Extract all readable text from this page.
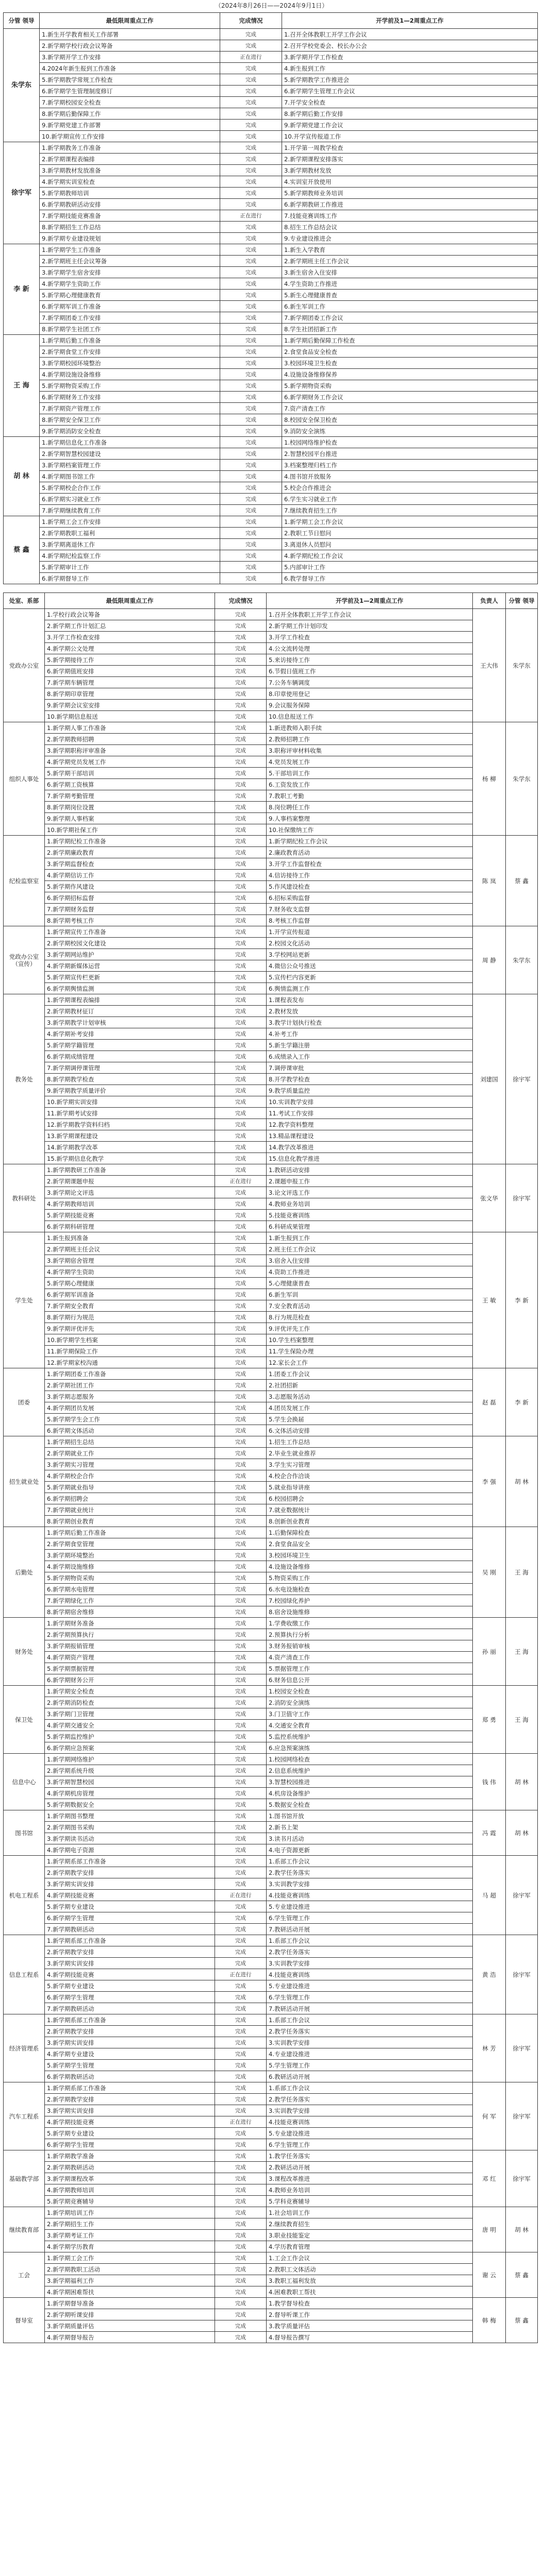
（2024年8月26日——2024年9月1日）
分管 领导	最低限周重点工作	完成情况	开学前及1—2周重点工作
朱学东	1.新生开学教育相关工作部署	完成	1.召开全体教职工开学工作会议
	2.新学期学校行政会议筹备	完成	2.召开学校党委会、校长办公会
	3.新学期开学工作安排	正在进行	3.新学期开学工作检查
	4.2024年新生报到工作准备	完成	4.新生报到工作
	5.新学期教学常规工作检查	完成	5.新学期教学工作推进会
	6.新学期学生管理制度修订	完成	6.新学期学生管理工作会议
	7.新学期校园安全检查	完成	7.开学安全检查
	8.新学期后勤保障工作	完成	8.新学期后勤工作安排
	9.新学期党建工作部署	完成	9.新学期党建工作会议
	10.新学期宣传工作安排	完成	10.开学宣传报道工作
徐宇军	1.新学期教务工作准备	完成	1.开学第一周教学检查
	2.新学期课程表编排	完成	2.新学期课程安排落实
	3.新学期教材发放准备	完成	3.新学期教材发放
	4.新学期实训室检查	完成	4.实训室开放使用
	5.新学期教师培训	完成	5.新学期教师业务培训
	6.新学期教研活动安排	完成	6.新学期教研工作推进
	7.新学期技能竞赛准备	正在进行	7.技能竞赛训练工作
	8.新学期招生工作总结	完成	8.招生工作总结会议
	9.新学期专业建设规划	完成	9.专业建设推进会
李 新	1.新学期学生工作准备	完成	1.新生入学教育
	2.新学期班主任会议筹备	完成	2.新学期班主任工作会议
	3.新学期学生宿舍安排	完成	3.新生宿舍入住安排
	4.新学期学生资助工作	完成	4.学生资助工作推进
	5.新学期心理健康教育	完成	5.新生心理健康普查
	6.新学期军训工作准备	完成	6.新生军训工作
	7.新学期团委工作安排	完成	7.新学期团委工作会议
	8.新学期学生社团工作	完成	8.学生社团招新工作
王 海	1.新学期后勤工作准备	完成	1.新学期后勤保障工作检查
	2.新学期食堂工作安排	完成	2.食堂食品安全检查
	3.新学期校园环境整治	完成	3.校园环境卫生检查
	4.新学期设施设备维修	完成	4.设施设备维修保养
	5.新学期物资采购工作	完成	5.新学期物资采购
	6.新学期财务工作安排	完成	6.新学期财务工作会议
	7.新学期资产管理工作	完成	7.资产清查工作
	8.新学期安全保卫工作	完成	8.校园安全保卫检查
	9.新学期消防安全检查	完成	9.消防安全演练
胡 林	1.新学期信息化工作准备	完成	1.校园网络维护检查
	2.新学期智慧校园建设	完成	2.智慧校园平台推进
	3.新学期档案管理工作	完成	3.档案整理归档工作
	4.新学期图书馆工作	完成	4.图书馆开放服务
	5.新学期校企合作工作	完成	5.校企合作推进会
	6.新学期实习就业工作	完成	6.学生实习就业工作
	7.新学期继续教育工作	完成	7.继续教育招生工作
蔡 鑫	1.新学期工会工作安排	完成	1.新学期工会工作会议
	2.新学期教职工福利	完成	2.教职工节日慰问
	3.新学期离退休工作	完成	3.离退休人员慰问
	4.新学期纪检监察工作	完成	4.新学期纪检工作会议
	5.新学期审计工作	完成	5.内部审计工作
	6.新学期督导工作	完成	6.教学督导工作
处室、系部	最低限周重点工作	完成情况	开学前及1—2周重点工作	负责人	分管 领导
党政办公室	1.学校行政会议筹备	完成	1.召开全体教职工开学工作会议	王大伟	朱学东
	2.新学期工作计划汇总	完成	2.新学期工作计划印发		
	3.开学工作检查安排	完成	3.开学工作检查		
	4.新学期公文处理	完成	4.公文流转处理		
	5.新学期接待工作	完成	5.来访接待工作		
	6.新学期值班安排	完成	6.节假日值班工作		
	7.新学期车辆管理	完成	7.公务车辆调度		
	8.新学期印章管理	完成	8.印章使用登记		
	9.新学期会议室安排	完成	9.会议服务保障		
	10.新学期信息报送	完成	10.信息报送工作		
组织人事处	1.新学期人事工作准备	完成	1.新进教师入职手续	杨 柳	朱学东
	2.新学期教师招聘	完成	2.教师招聘工作		
	3.新学期职称评审准备	完成	3.职称评审材料收集		
	4.新学期党员发展工作	完成	4.党员发展工作		
	5.新学期干部培训	完成	5.干部培训工作		
	6.新学期工资核算	完成	6.工资发放工作		
	7.新学期考勤管理	完成	7.教职工考勤		
	8.新学期岗位设置	完成	8.岗位聘任工作		
	9.新学期人事档案	完成	9.人事档案整理		
	10.新学期社保工作	完成	10.社保缴纳工作		
纪检监察室	1.新学期纪检工作准备	完成	1.新学期纪检工作会议	陈 岚	蔡 鑫
	2.新学期廉政教育	完成	2.廉政教育活动		
	3.新学期监督检查	完成	3.开学工作监督检查		
	4.新学期信访工作	完成	4.信访接待工作		
	5.新学期作风建设	完成	5.作风建设检查		
	6.新学期招标监督	完成	6.招标采购监督		
	7.新学期财务监督	完成	7.财务收支监督		
	8.新学期考核工作	完成	8.考核工作监督		
党政办公室（宣传）	1.新学期宣传工作准备	完成	1.开学宣传报道	周 静	朱学东
	2.新学期校园文化建设	完成	2.校园文化活动		
	3.新学期网站维护	完成	3.学校网站更新		
	4.新学期新媒体运营	完成	4.微信公众号推送		
	5.新学期宣传栏更新	完成	5.宣传栏内容更新		
	6.新学期舆情监测	完成	6.舆情监测工作		
教务处	1.新学期课程表编排	完成	1.课程表发布	刘建国	徐宇军
	2.新学期教材征订	完成	2.教材发放		
	3.新学期教学计划审核	完成	3.教学计划执行检查		
	4.新学期补考安排	完成	4.补考工作		
	5.新学期学籍管理	完成	5.新生学籍注册		
	6.新学期成绩管理	完成	6.成绩录入工作		
	7.新学期调停课管理	完成	7.调停课审批		
	8.新学期教学检查	完成	8.开学教学检查		
	9.新学期教学质量评价	完成	9.教学质量监控		
	10.新学期实训安排	完成	10.实训教学安排		
	11.新学期考试安排	完成	11.考试工作安排		
	12.新学期教学资料归档	完成	12.教学资料整理		
	13.新学期课程建设	完成	13.精品课程建设		
	14.新学期教学改革	完成	14.教学改革推进		
	15.新学期信息化教学	完成	15.信息化教学推进		
教科研处	1.新学期教研工作准备	完成	1.教研活动安排	张文华	徐宇军
	2.新学期课题申报	正在进行	2.课题申报工作		
	3.新学期论文评选	完成	3.论文评选工作		
	4.新学期教师培训	完成	4.教师业务培训		
	5.新学期技能竞赛	完成	5.技能竞赛训练		
	6.新学期科研管理	完成	6.科研成果管理		
学生处	1.新生报到准备	完成	1.新生报到工作	王 敏	李 新
	2.新学期班主任会议	完成	2.班主任工作会议		
	3.新学期宿舍管理	完成	3.宿舍入住安排		
	4.新学期学生资助	完成	4.资助工作推进		
	5.新学期心理健康	完成	5.心理健康普查		
	6.新学期军训准备	完成	6.新生军训		
	7.新学期安全教育	完成	7.安全教育活动		
	8.新学期行为规范	完成	8.行为规范检查		
	9.新学期评优评先	完成	9.评优评先工作		
	10.新学期学生档案	完成	10.学生档案整理		
	11.新学期保险工作	完成	11.学生保险办理		
	12.新学期家校沟通	完成	12.家长会工作		
团委	1.新学期团委工作准备	完成	1.团委工作会议	赵 磊	李 新
	2.新学期社团工作	完成	2.社团招新		
	3.新学期志愿服务	完成	3.志愿服务活动		
	4.新学期团员发展	完成	4.团员发展工作		
	5.新学期学生会工作	完成	5.学生会换届		
	6.新学期文体活动	完成	6.文体活动安排		
招生就业处	1.新学期招生总结	完成	1.招生工作总结	李 强	胡 林
	2.新学期就业工作	完成	2.毕业生就业推荐		
	3.新学期实习管理	完成	3.学生实习管理		
	4.新学期校企合作	完成	4.校企合作洽谈		
	5.新学期就业指导	完成	5.就业指导讲座		
	6.新学期招聘会	完成	6.校园招聘会		
	7.新学期就业统计	完成	7.就业数据统计		
	8.新学期创业教育	完成	8.创新创业教育		
后勤处	1.新学期后勤工作准备	完成	1.后勤保障检查	吴 刚	王 海
	2.新学期食堂管理	完成	2.食堂食品安全		
	3.新学期环境整治	完成	3.校园环境卫生		
	4.新学期设施维修	完成	4.设施设备维修		
	5.新学期物资采购	完成	5.物资采购工作		
	6.新学期水电管理	完成	6.水电设施检查		
	7.新学期绿化工作	完成	7.校园绿化养护		
	8.新学期宿舍维修	完成	8.宿舍设施维修		
财务处	1.新学期财务准备	完成	1.学费收缴工作	孙 丽	王 海
	2.新学期预算执行	完成	2.预算执行分析		
	3.新学期报销管理	完成	3.财务报销审核		
	4.新学期资产管理	完成	4.资产清查工作		
	5.新学期票据管理	完成	5.票据管理工作		
	6.新学期财务公开	完成	6.财务信息公开		
保卫处	1.新学期安全检查	完成	1.校园安全检查	郑 勇	王 海
	2.新学期消防检查	完成	2.消防安全演练		
	3.新学期门卫管理	完成	3.门卫值守工作		
	4.新学期交通安全	完成	4.交通安全教育		
	5.新学期监控维护	完成	5.监控系统维护		
	6.新学期应急预案	完成	6.应急预案演练		
信息中心	1.新学期网络维护	完成	1.校园网络检查	钱 伟	胡 林
	2.新学期系统升级	完成	2.信息系统维护		
	3.新学期智慧校园	完成	3.智慧校园推进		
	4.新学期机房管理	完成	4.机房设备维护		
	5.新学期数据安全	完成	5.数据安全检查		
图书馆	1.新学期图书整理	完成	1.图书馆开放	冯 霞	胡 林
	2.新学期图书采购	完成	2.新书上架		
	3.新学期读书活动	完成	3.读书月活动		
	4.新学期电子资源	完成	4.电子资源更新		
机电工程系	1.新学期系部工作准备	完成	1.系部工作会议	马 超	徐宇军
	2.新学期教学安排	完成	2.教学任务落实		
	3.新学期实训安排	完成	3.实训教学安排		
	4.新学期技能竞赛	正在进行	4.技能竞赛训练		
	5.新学期专业建设	完成	5.专业建设推进		
	6.新学期学生管理	完成	6.学生管理工作		
	7.新学期教研活动	完成	7.教研活动开展		
信息工程系	1.新学期系部工作准备	完成	1.系部工作会议	黄 浩	徐宇军
	2.新学期教学安排	完成	2.教学任务落实		
	3.新学期实训安排	完成	3.实训教学安排		
	4.新学期技能竞赛	正在进行	4.技能竞赛训练		
	5.新学期专业建设	完成	5.专业建设推进		
	6.新学期学生管理	完成	6.学生管理工作		
	7.新学期教研活动	完成	7.教研活动开展		
经济管理系	1.新学期系部工作准备	完成	1.系部工作会议	林 芳	徐宇军
	2.新学期教学安排	完成	2.教学任务落实		
	3.新学期实训安排	完成	3.实训教学安排		
	4.新学期专业建设	完成	4.专业建设推进		
	5.新学期学生管理	完成	5.学生管理工作		
	6.新学期教研活动	完成	6.教研活动开展		
汽车工程系	1.新学期系部工作准备	完成	1.系部工作会议	何 军	徐宇军
	2.新学期教学安排	完成	2.教学任务落实		
	3.新学期实训安排	完成	3.实训教学安排		
	4.新学期技能竞赛	正在进行	4.技能竞赛训练		
	5.新学期专业建设	完成	5.专业建设推进		
	6.新学期学生管理	完成	6.学生管理工作		
基础教学部	1.新学期教学准备	完成	1.教学任务落实	邓 红	徐宇军
	2.新学期教研活动	完成	2.教研活动开展		
	3.新学期课程改革	完成	3.课程改革推进		
	4.新学期教师培训	完成	4.教师业务培训		
	5.新学期竞赛辅导	完成	5.学科竞赛辅导		
继续教育部	1.新学期培训工作	完成	1.社会培训工作	唐 明	胡 林
	2.新学期招生工作	完成	2.继续教育招生		
	3.新学期考证工作	完成	3.职业技能鉴定		
	4.新学期学历教育	完成	4.学历教育管理		
工会	1.新学期工会工作	完成	1.工会工作会议	谢 云	蔡 鑫
	2.新学期教职工活动	完成	2.教职工文体活动		
	3.新学期福利工作	完成	3.教职工福利发放		
	4.新学期困难帮扶	完成	4.困难教职工帮扶		
督导室	1.新学期督导准备	完成	1.教学督导检查	韩 梅	蔡 鑫
	2.新学期听课安排	完成	2.督导听课工作		
	3.新学期质量评估	完成	3.教学质量评估		
	4.新学期督导报告	完成	4.督导报告撰写		
